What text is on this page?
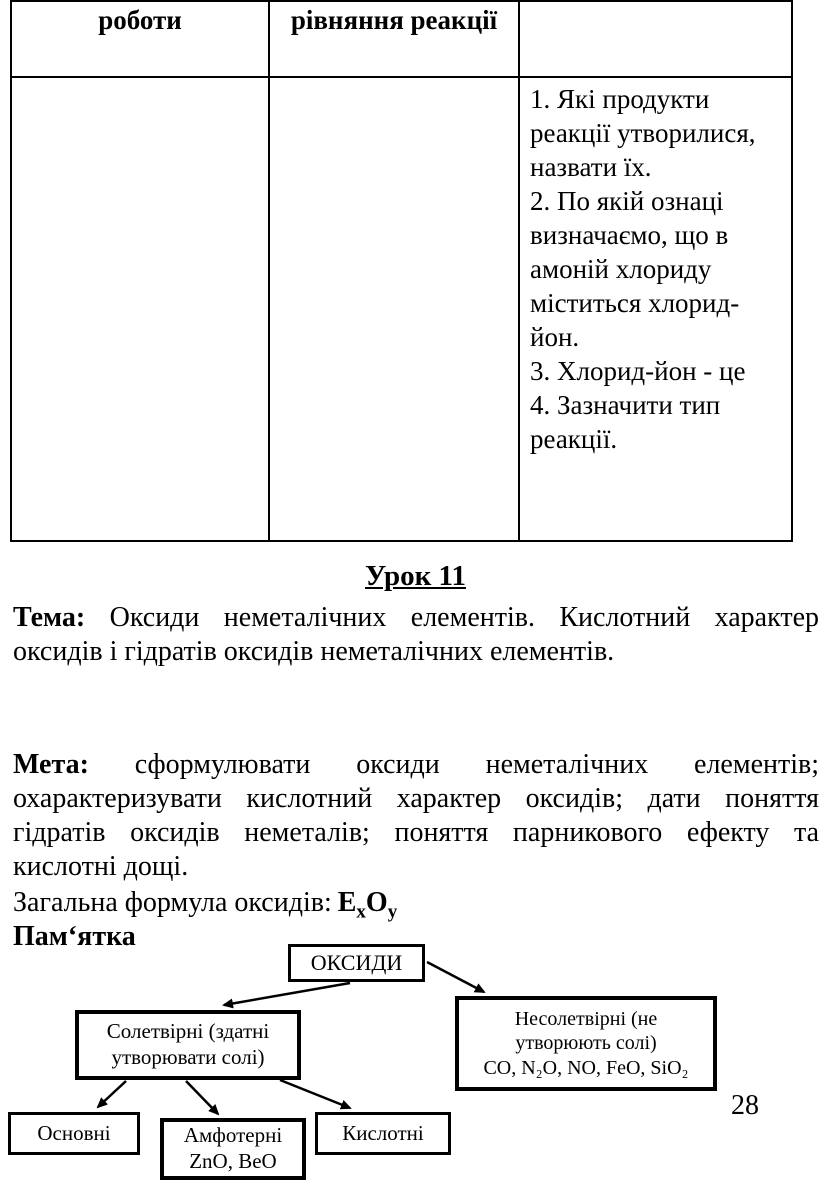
роботи	рівняння реакції	
		1. Які продукти реакції утворилися, назвати їх.
2. По якій ознаці визначаємо, що в амоній хлориду міститься хлорид-йон.
3. Хлорид-йон - це
4. Зазначити тип реакції.
Урок 11

Тема: Оксиди неметалічних елементів. Кислотний характер оксидів і гідратів оксидів неметалічних елементів.

Мета: сформулювати оксиди неметалічних елементів; охарактеризувати кислотний характер оксидів; дати поняття гідратів оксидів неметалів; поняття парникового ефекту та кислотні дощі.

Загальна формула оксидів: $E_xO_y$

Пам‘ятка

ОКСИДИ
Солетвірні (здатні утворювати солі)
Несолетвірні (не утворюють солі)
CO, N₂O, NO, FeO, SiO₂
Основні	Амфотерні
ZnO, BeO
Кислотні
28
